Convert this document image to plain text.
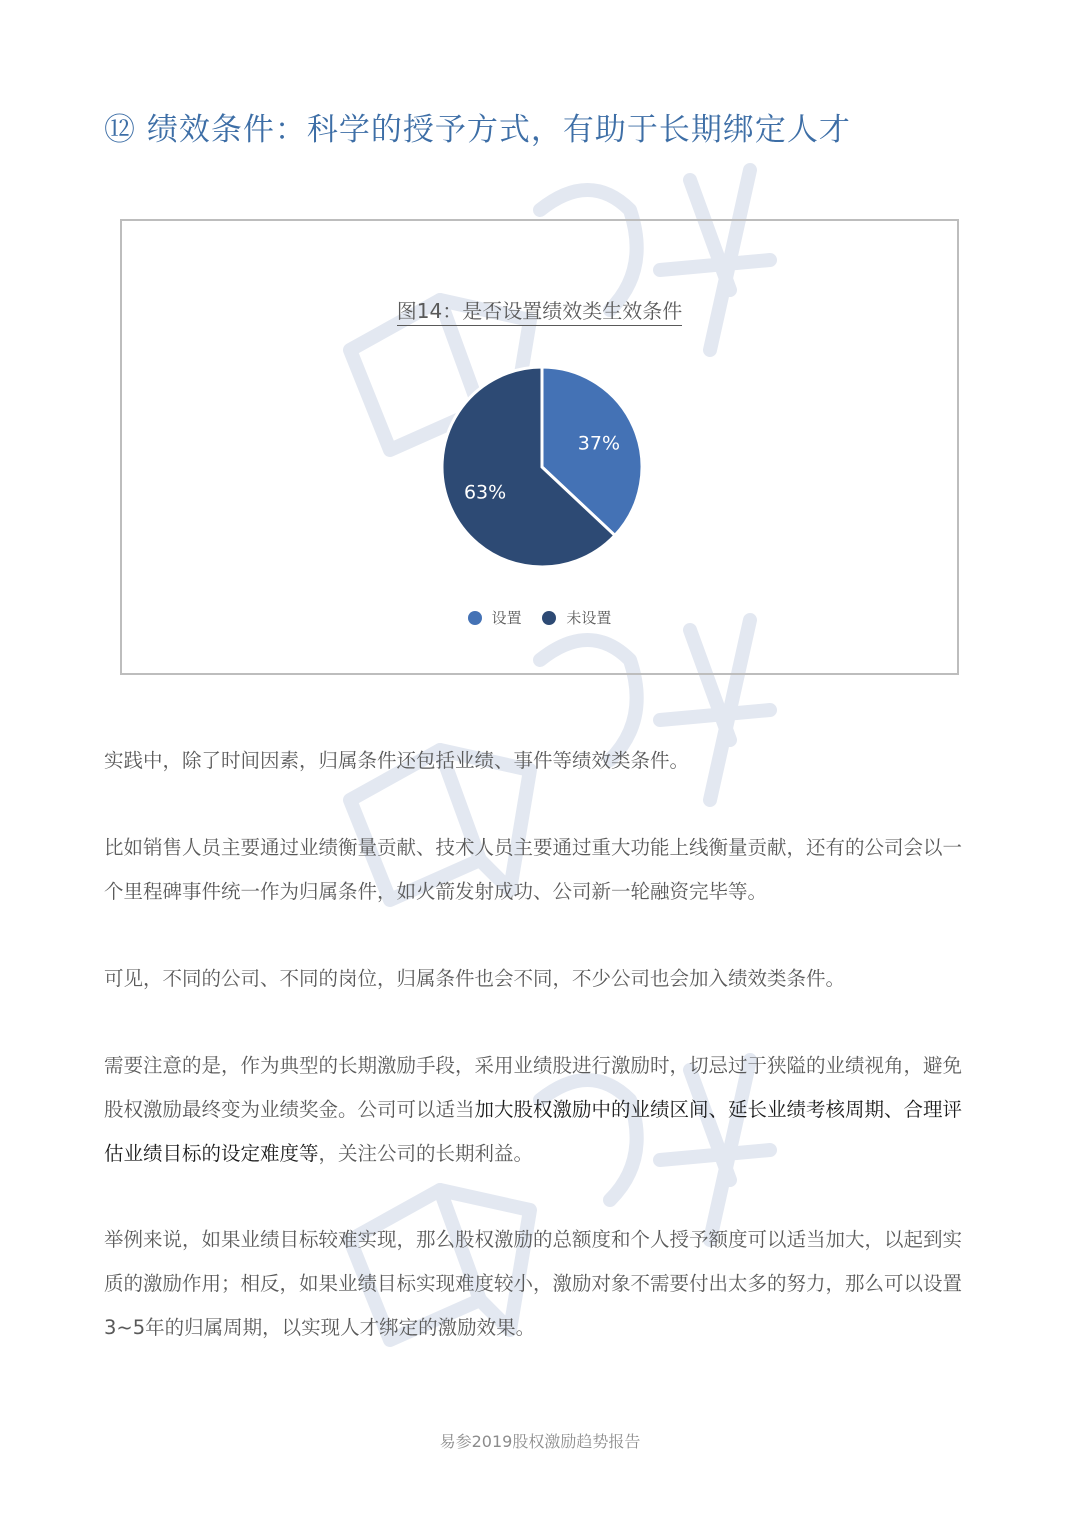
⑫ 绩效条件：科学的授予方式，有助于长期绑定人才
图14：是否设置绩效类生效条件
37%
63%
设置
	未设置

实践中，除了时间因素，归属条件还包括业绩、事件等绩效类条件。

比如销售人员主要通过业绩衡量贡献、技术人员主要通过重大功能上线衡量贡献，还有的公司会以一个里程碑事件统一作为归属条件，如火箭发射成功、公司新一轮融资完毕等。

可见，不同的公司、不同的岗位，归属条件也会不同，不少公司也会加入绩效类条件。

需要注意的是，作为典型的长期激励手段，采用业绩股进行激励时，切忌过于狭隘的业绩视角，避免股权激励最终变为业绩奖金。公司可以适当加大股权激励中的业绩区间、延长业绩考核周期、合理评估业绩目标的设定难度等，关注公司的长期利益。

举例来说，如果业绩目标较难实现，那么股权激励的总额度和个人授予额度可以适当加大，以起到实质的激励作用；相反，如果业绩目标实现难度较小，激励对象不需要付出太多的努力，那么可以设置3~5年的归属周期，以实现人才绑定的激励效果。

易参2019股权激励趋势报告
